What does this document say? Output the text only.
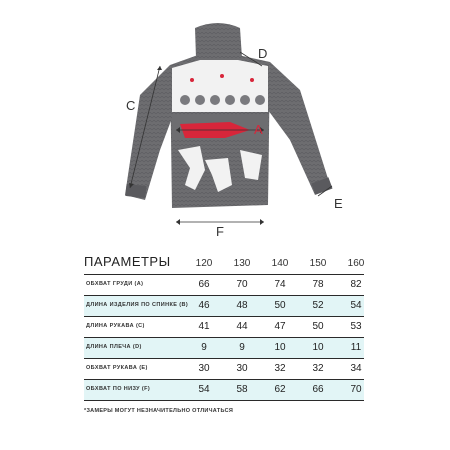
C
D
A
E
F
ПАРАМЕТРЫ	120	130	140	150	160
ОБХВАТ ГРУДИ (A)	66	70	74	78	82
ДЛИНА ИЗДЕЛИЯ ПО СПИНКЕ (B)	46	48	50	52	54
ДЛИНА РУКАВА (C)	41	44	47	50	53
ДЛИНА ПЛЕЧА (D)	9	9	10	10	11
ОБХВАТ РУКАВА (E)	30	30	32	32	34
ОБХВАТ ПО НИЗУ (F)	54	58	62	66	70
*ЗАМЕРЫ МОГУТ НЕЗНАЧИТЕЛЬНО ОТЛИЧАТЬСЯ
